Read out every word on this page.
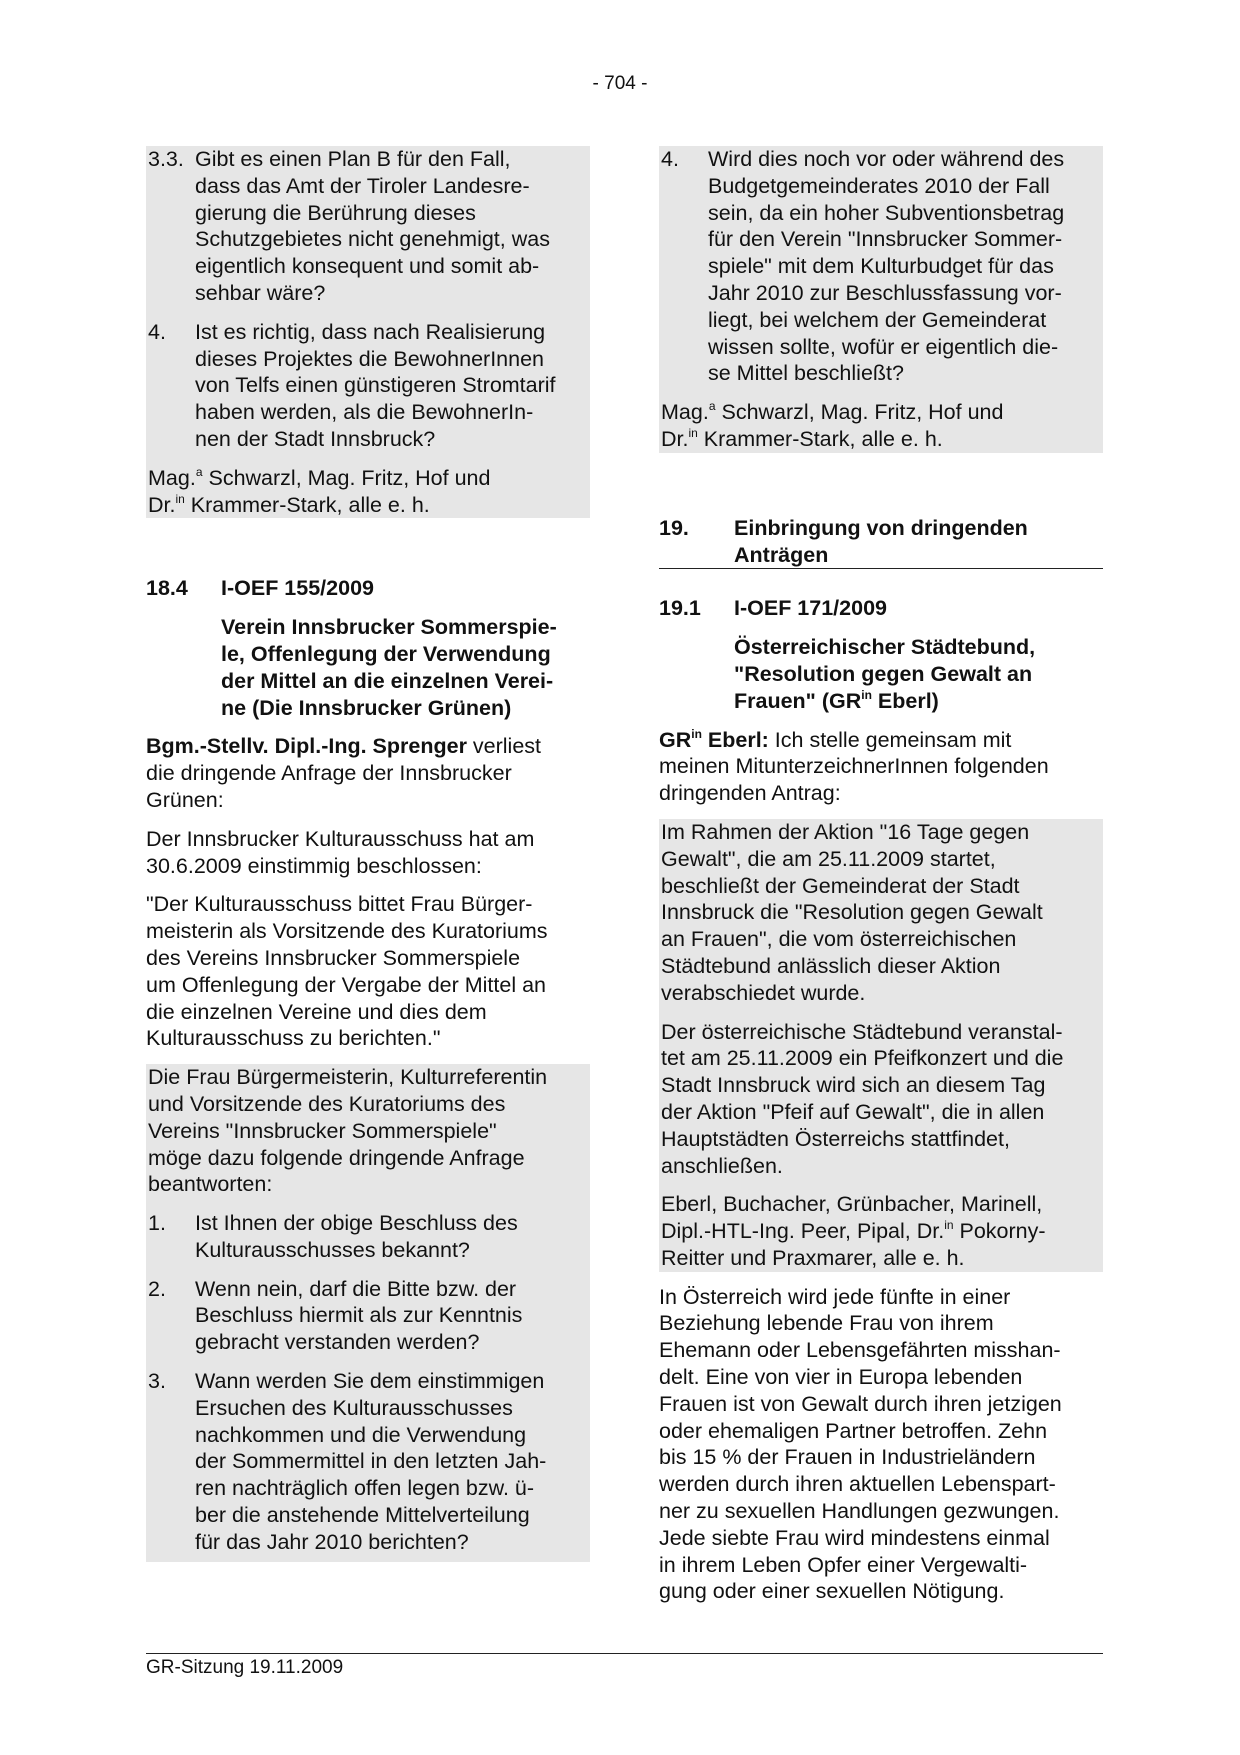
- 704 -
3.3. Gibt es einen Plan B für den Fall,
dass das Amt der Tiroler Landesre-
gierung die Berührung dieses
Schutzgebietes nicht genehmigt, was
eigentlich konsequent und somit ab-
sehbar wäre?
4.	Ist es richtig, dass nach Realisierung
dieses Projektes die BewohnerInnen
von Telfs einen günstigeren Stromtarif
haben werden, als die BewohnerIn-
nen der Stadt Innsbruck?

Mag.$^a$ Schwarzl, Mag. Fritz, Hof und

Dr.$^{in}$ Krammer-Stark, alle e. h.

18.4	I-OEF 155/2009
Verein Innsbrucker Sommerspie-
le, Offenlegung der Verwendung
der Mittel an die einzelnen Verei-
ne (Die Innsbrucker Grünen)

Bgm.-Stellv. Dipl.-Ing. Sprenger verliest

die dringende Anfrage der Innsbrucker
Grünen:
Der Innsbrucker Kulturausschuss hat am
30.6.2009 einstimmig beschlossen:
"Der Kulturausschuss bittet Frau Bürger-
meisterin als Vorsitzende des Kuratoriums
des Vereins Innsbrucker Sommerspiele
um Offenlegung der Vergabe der Mittel an
die einzelnen Vereine und dies dem
Kulturausschuss zu berichten."
Die Frau Bürgermeisterin, Kulturreferentin
und Vorsitzende des Kuratoriums des
Vereins "Innsbrucker Sommerspiele"
möge dazu folgende dringende Anfrage
beantworten:
1.	Ist Ihnen der obige Beschluss des
Kulturausschusses bekannt?
2.	Wenn nein, darf die Bitte bzw. der
Beschluss hiermit als zur Kenntnis
gebracht verstanden werden?
3.	Wann werden Sie dem einstimmigen
Ersuchen des Kulturausschusses
nachkommen und die Verwendung
der Sommermittel in den letzten Jah-
ren nachträglich offen legen bzw. ü-
ber die anstehende Mittelverteilung
für das Jahr 2010 berichten?
4.	Wird dies noch vor oder während des
Budgetgemeinderates 2010 der Fall
sein, da ein hoher Subventionsbetrag
für den Verein "Innsbrucker Sommer-
spiele" mit dem Kulturbudget für das
Jahr 2010 zur Beschlussfassung vor-
liegt, bei welchem der Gemeinderat
wissen sollte, wofür er eigentlich die-
se Mittel beschließt?

Mag.$^a$ Schwarzl, Mag. Fritz, Hof und

Dr.$^{in}$ Krammer-Stark, alle e. h.

19.	Einbringung von dringenden
Anträgen
19.1	I-OEF 171/2009
Österreichischer Städtebund,
"Resolution gegen Gewalt an

Frauen" ($GR^{in}$ Eberl)

$GR^{in}$ Eberl: Ich stelle gemeinsam mit

meinen MitunterzeichnerInnen folgenden
dringenden Antrag:
Im Rahmen der Aktion "16 Tage gegen
Gewalt", die am 25.11.2009 startet,
beschließt der Gemeinderat der Stadt
Innsbruck die "Resolution gegen Gewalt
an Frauen", die vom österreichischen
Städtebund anlässlich dieser Aktion
verabschiedet wurde.
Der österreichische Städtebund veranstal-
tet am 25.11.2009 ein Pfeifkonzert und die
Stadt Innsbruck wird sich an diesem Tag
der Aktion "Pfeif auf Gewalt", die in allen
Hauptstädten Österreichs stattfindet,
anschließen.

Eberl, Buchacher, Grünbacher, Marinell,

Dipl.-HTL-Ing. Peer, Pipal, Dr.$^{in}$ Pokorny-

Reitter und Praxmarer, alle e. h.

In Österreich wird jede fünfte in einer
Beziehung lebende Frau von ihrem
Ehemann oder Lebensgefährten misshan-
delt. Eine von vier in Europa lebenden
Frauen ist von Gewalt durch ihren jetzigen
oder ehemaligen Partner betroffen. Zehn
bis 15 % der Frauen in Industrieländern
werden durch ihren aktuellen Lebenspart-
ner zu sexuellen Handlungen gezwungen.
Jede siebte Frau wird mindestens einmal
in ihrem Leben Opfer einer Vergewalti-
gung oder einer sexuellen Nötigung.
GR-Sitzung 19.11.2009
